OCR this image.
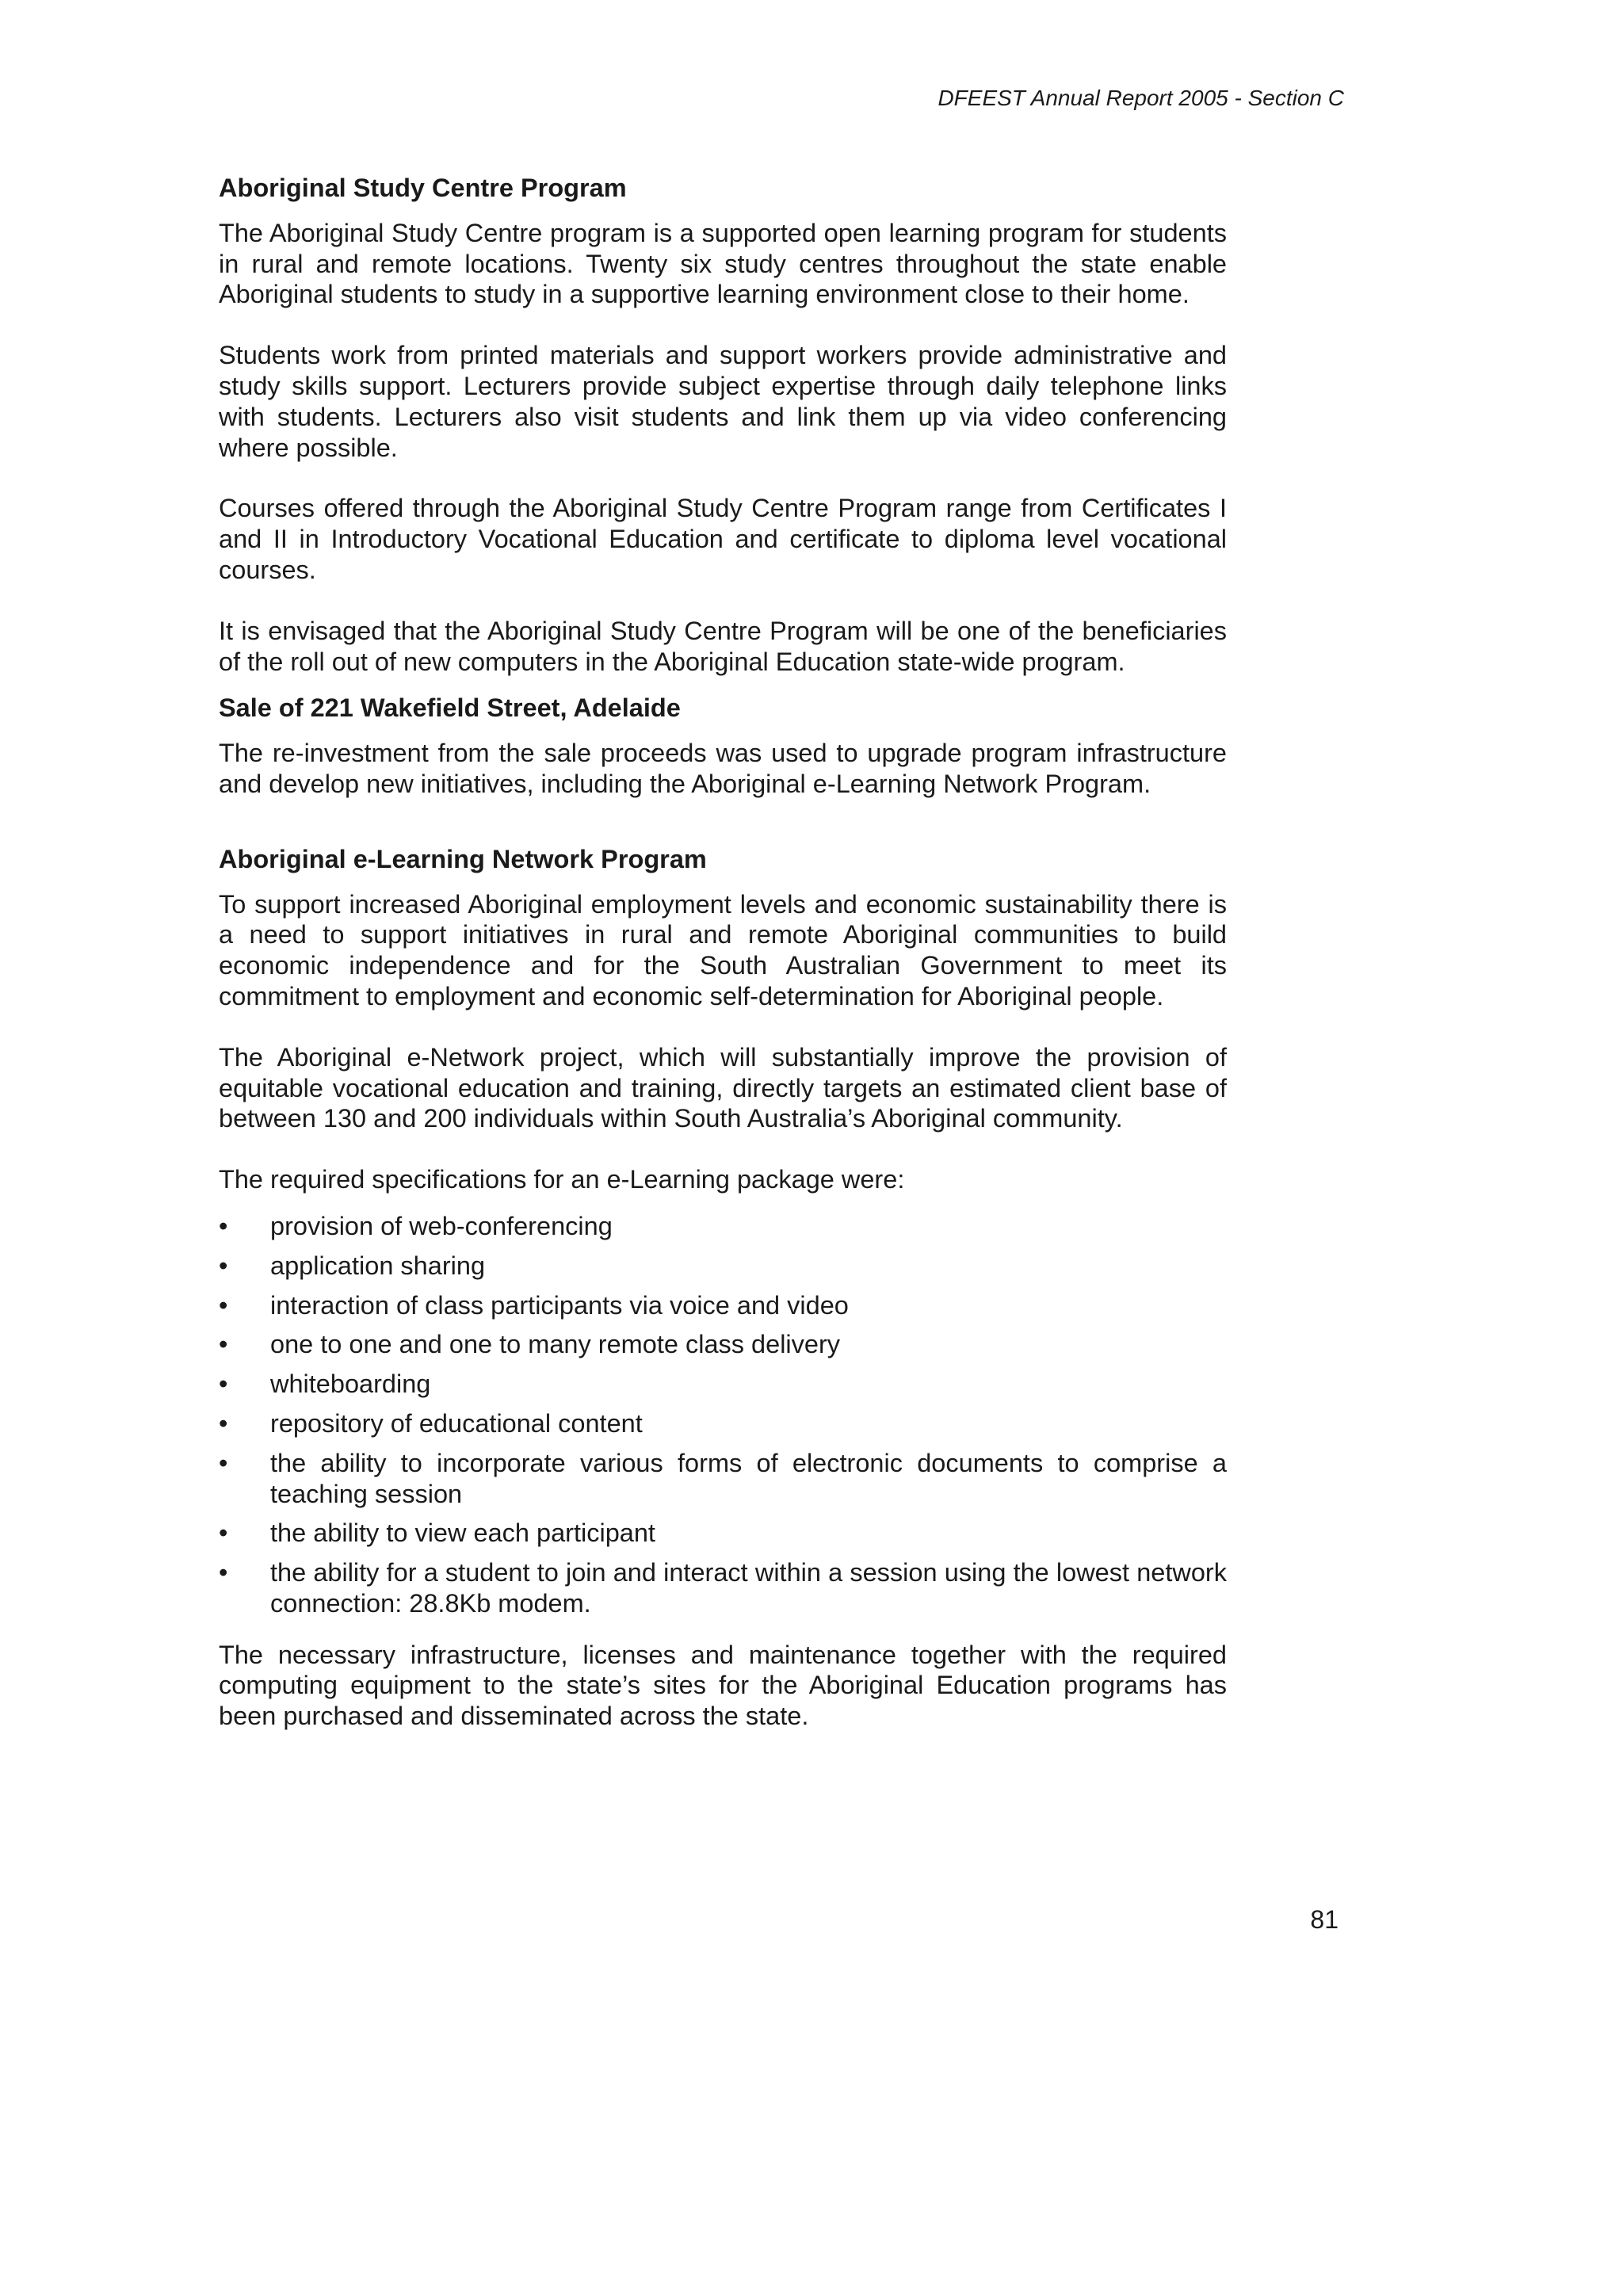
DFEEST Annual Report 2005 - Section C
Aboriginal Study Centre Program

The Aboriginal Study Centre program is a supported open learning program for students in rural and remote locations. Twenty six study centres throughout the state enable Aboriginal students to study in a supportive learning environment close to their home.

Students work from printed materials and support workers provide administrative and study skills support. Lecturers provide subject expertise through daily telephone links with students. Lecturers also visit students and link them up via video conferencing where possible.

Courses offered through the Aboriginal Study Centre Program range from Certificates I and II in Introductory Vocational Education and certificate to diploma level vocational courses.

It is envisaged that the Aboriginal Study Centre Program will be one of the beneficiaries of the roll out of new computers in the Aboriginal Education state-wide program.

Sale of 221 Wakefield Street, Adelaide

The re-investment from the sale proceeds was used to upgrade program infrastructure and develop new initiatives, including the Aboriginal e-Learning Network Program.

Aboriginal e-Learning Network Program

To support increased Aboriginal employment levels and economic sustainability there is a need to support initiatives in rural and remote Aboriginal communities to build economic independence and for the South Australian Government to meet its commitment to employment and economic self-determination for Aboriginal people.

The Aboriginal e-Network project, which will substantially improve the provision of equitable vocational education and training, directly targets an estimated client base of between 130 and 200 individuals within South Australia’s Aboriginal community.

The required specifications for an e-Learning package were:

•	provision of web-conferencing
•	application sharing
•	interaction of class participants via voice and video
•	one to one and one to many remote class delivery
•	whiteboarding
•	repository of educational content
•	the ability to incorporate various forms of electronic documents to comprise a teaching session
•	the ability to view each participant
•	the ability for a student to join and interact within a session using the lowest network connection: 28.8Kb modem.

The necessary infrastructure, licenses and maintenance together with the required computing equipment to the state’s sites for the Aboriginal Education programs has been purchased and disseminated across the state.

81
